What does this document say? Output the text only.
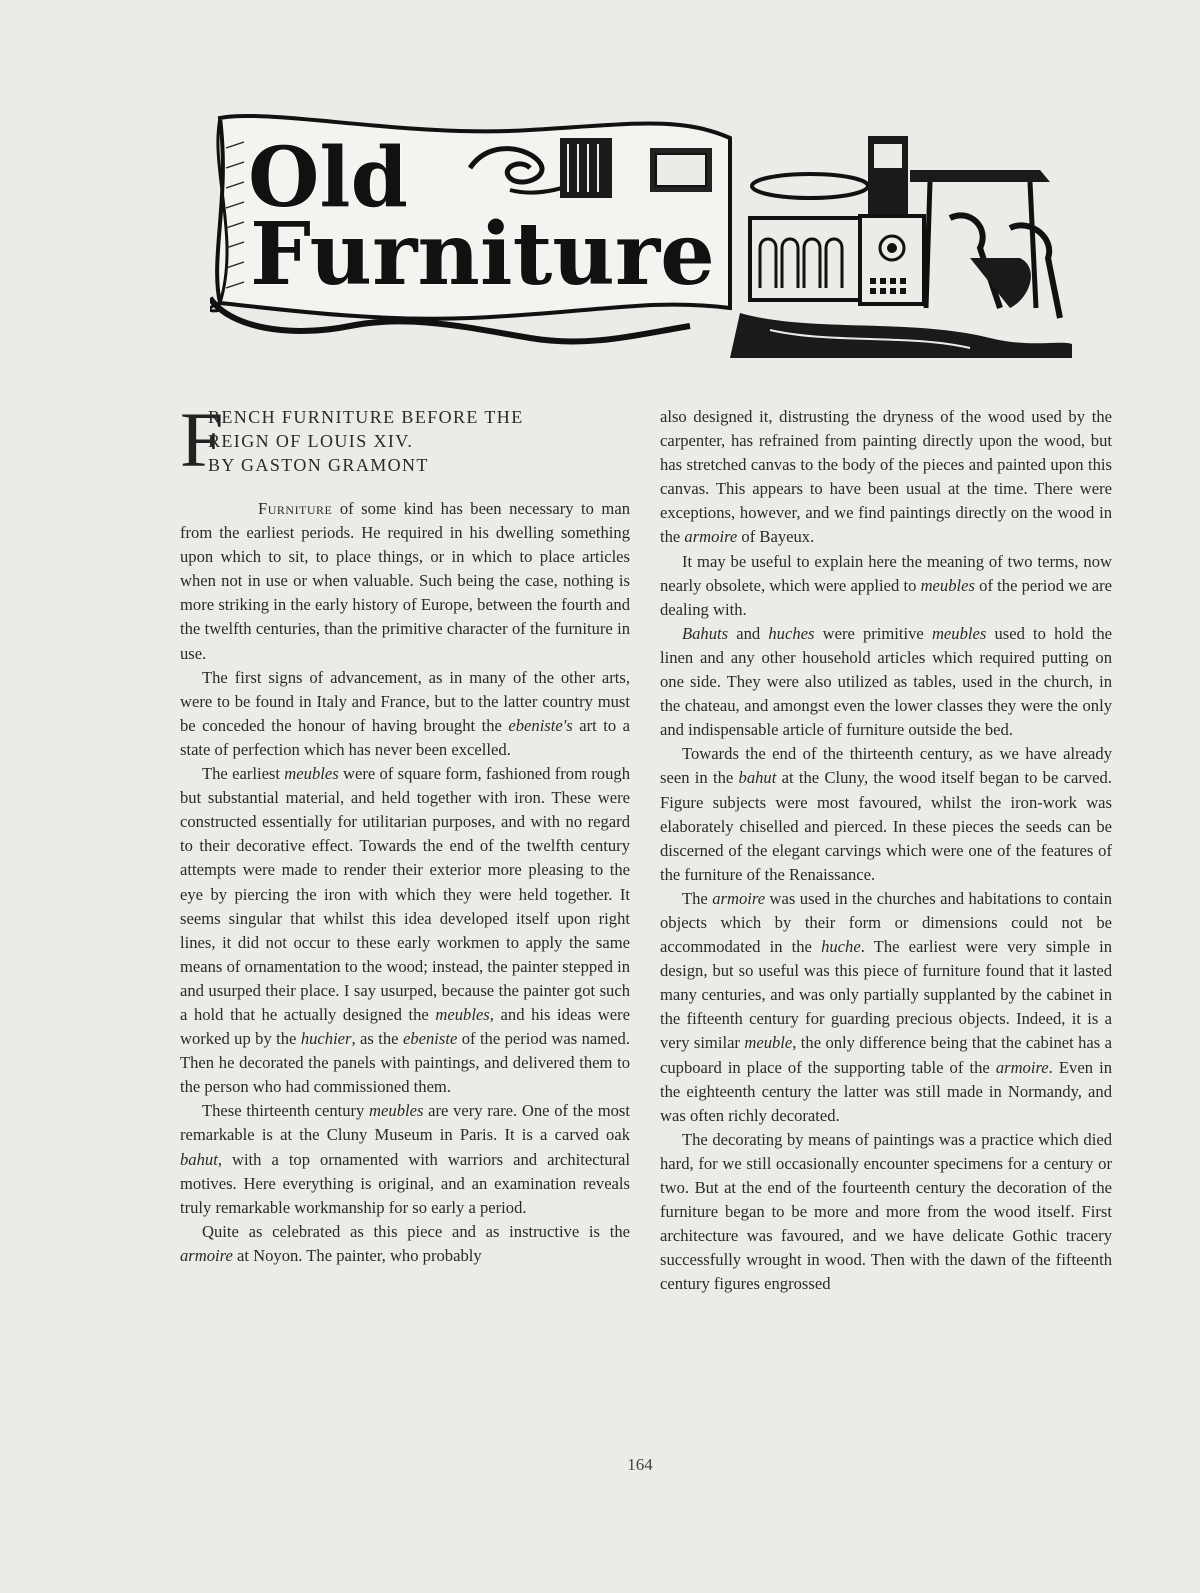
Old
Furniture
F
RENCH FURNITURE BEFORE THE
REIGN OF LOUIS XIV.
BY GASTON GRAMONT

Furniture of some kind has been necessary to man from the earliest periods. He required in his dwelling something upon which to sit, to place things, or in which to place articles when not in use or when valuable. Such being the case, nothing is more striking in the early history of Europe, between the fourth and the twelfth centuries, than the primitive character of the furniture in use.

The first signs of advancement, as in many of the other arts, were to be found in Italy and France, but to the latter country must be conceded the honour of having brought the ebeniste's art to a state of perfection which has never been excelled.

The earliest meubles were of square form, fashioned from rough but substantial material, and held together with iron. These were constructed essentially for utilitarian purposes, and with no regard to their decorative effect. Towards the end of the twelfth century attempts were made to render their exterior more pleasing to the eye by piercing the iron with which they were held together. It seems singular that whilst this idea developed itself upon right lines, it did not occur to these early workmen to apply the same means of ornamentation to the wood; instead, the painter stepped in and usurped their place. I say usurped, because the painter got such a hold that he actually designed the meubles, and his ideas were worked up by the huchier, as the ebeniste of the period was named. Then he decorated the panels with paintings, and delivered them to the person who had commissioned them.

These thirteenth century meubles are very rare. One of the most remarkable is at the Cluny Museum in Paris. It is a carved oak bahut, with a top ornamented with warriors and architectural motives. Here everything is original, and an examination reveals truly remarkable workmanship for so early a period.

Quite as celebrated as this piece and as instructive is the armoire at Noyon. The painter, who probably

also designed it, distrusting the dryness of the wood used by the carpenter, has refrained from painting directly upon the wood, but has stretched canvas to the body of the pieces and painted upon this canvas. This appears to have been usual at the time. There were exceptions, however, and we find paintings directly on the wood in the armoire of Bayeux.

It may be useful to explain here the meaning of two terms, now nearly obsolete, which were applied to meubles of the period we are dealing with.

Bahuts and huches were primitive meubles used to hold the linen and any other household articles which required putting on one side. They were also utilized as tables, used in the church, in the chateau, and amongst even the lower classes they were the only and indispensable article of furniture outside the bed.

Towards the end of the thirteenth century, as we have already seen in the bahut at the Cluny, the wood itself began to be carved. Figure subjects were most favoured, whilst the iron-work was elaborately chiselled and pierced. In these pieces the seeds can be discerned of the elegant carvings which were one of the features of the furniture of the Renaissance.

The armoire was used in the churches and habitations to contain objects which by their form or dimensions could not be accommodated in the huche. The earliest were very simple in design, but so useful was this piece of furniture found that it lasted many centuries, and was only partially supplanted by the cabinet in the fifteenth century for guarding precious objects. Indeed, it is a very similar meuble, the only difference being that the cabinet has a cupboard in place of the supporting table of the armoire. Even in the eighteenth century the latter was still made in Normandy, and was often richly decorated.

The decorating by means of paintings was a practice which died hard, for we still occasionally encounter specimens for a century or two. But at the end of the fourteenth century the decoration of the furniture began to be more and more from the wood itself. First architecture was favoured, and we have delicate Gothic tracery successfully wrought in wood. Then with the dawn of the fifteenth century figures engrossed

164
